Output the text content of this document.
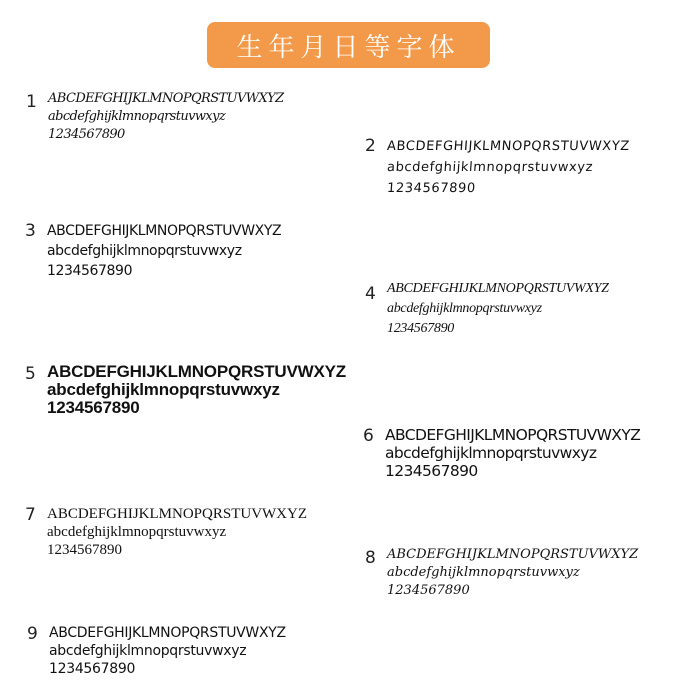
生年月日等字体
1 ABCDEFGHIJKLMNOPQRSTUVWXYZ
abcdefghijklmnopqrstuvwxyz
1234567890
2 ABCDEFGHIJKLMNOPQRSTUVWXYZ
abcdefghijklmnopqrstuvwxyz
1234567890
3 ABCDEFGHIJKLMNOPQRSTUVWXYZ
abcdefghijklmnopqrstuvwxyz
1234567890
4 ABCDEFGHIJKLMNOPQRSTUVWXYZ
abcdefghijklmnopqrstuvwxyz
1234567890
5 ABCDEFGHIJKLMNOPQRSTUVWXYZ
abcdefghijklmnopqrstuvwxyz
1234567890
6 ABCDEFGHIJKLMNOPQRSTUVWXYZ
abcdefghijklmnopqrstuvwxyz
1234567890
7 ABCDEFGHIJKLMNOPQRSTUVWXYZ
abcdefghijklmnopqrstuvwxyz
1234567890	8 ABCDEFGHIJKLMNOPQRSTUVWXYZ
abcdefghijklmnopqrstuvwxyz
1234567890
9 ABCDEFGHIJKLMNOPQRSTUVWXYZ
abcdefghijklmnopqrstuvwxyz
1234567890
